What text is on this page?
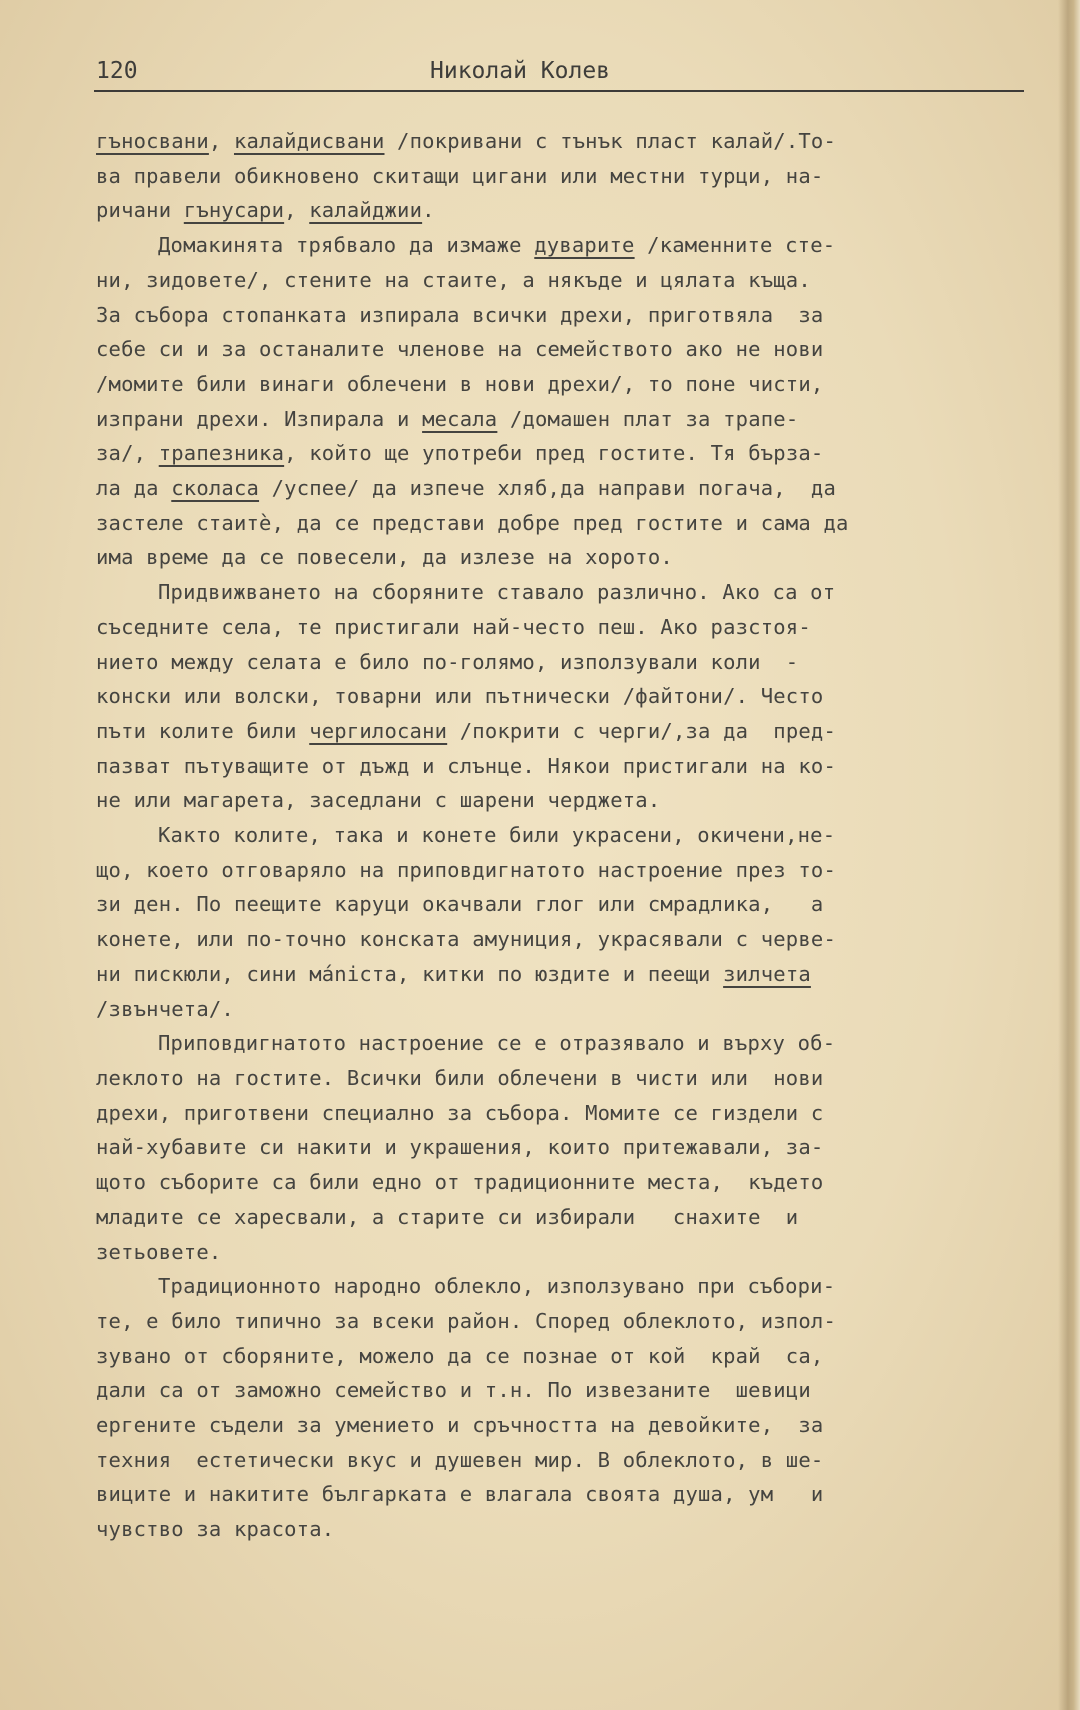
120	Николай Колев

гъносвани, калайдисвани /покривани с тънък пласт калай/.То-
ва правели обикновено скитащи цигани или местни турци, на-
ричани гънусари, калайджии.

Домакинята трябвало да измаже дуварите /каменните сте-
ни, зидовете/, стените на стаите, а някъде и цялата къща.
За събора стопанката изпирала всички дрехи, приготвяла  за
себе си и за останалите членове на семейството ако не нови
/момите били винаги облечени в нови дрехи/, то поне чисти,
изпрани дрехи. Изпирала и месала /домашен плат за трапе-
за/, трапезника, който ще употреби пред гостите. Тя бърза-
ла да сколаса /успее/ да изпече хляб,да направи погача,  да
застеле стаитѐ, да се представи добре пред гостите и сама да
има време да се повесели, да излезе на хорото.

Придвижването на сборяните ставало различно. Ако са от
съседните села, те пристигали най-често пеш. Ако разстоя-
нието между селата е било по-голямо, използували коли  -
конски или волски, товарни или пътнически /файтони/. Често
пъти колите били чергилосани /покрити с черги/,за да  пред-
пазват пътуващите от дъжд и слънце. Някои пристигали на ко-
не или магарета, заседлани с шарени черджета.

Както колите, така и конете били украсени, окичени,не-
що, което отговаряло на приповдигнатото настроение през то-
зи ден. По пеещите каруци окачвали глог или смрадлика,   а
конете, или по-точно конската амуниция, украсявали с черве-
ни пискюли, сини мániста, китки по юздите и пеещи зилчета
/звънчета/.

Приповдигнатото настроение се е отразявало и върху об-
леклото на гостите. Всички били облечени в чисти или  нови
дрехи, приготвени специално за събора. Момите се гиздели с
най-хубавите си накити и украшения, които притежавали, за-
щото съборите са били едно от традиционните места,  където
младите се харесвали, а старите си избирали   снахите  и
зетьовете.

Традиционното народно облекло, използувано при събори-
те, е било типично за всеки район. Според облеклото, изпол-
зувано от сборяните, можело да се познае от кой  край  са,
дали са от заможно семейство и т.н. По извезаните  шевици
ергените съдели за умението и сръчността на девойките,  за
техния  естетически вкус и душевен мир. В облеклото, в ше-
виците и накитите българката е влагала своята душа, ум   и
чувство за красота.
